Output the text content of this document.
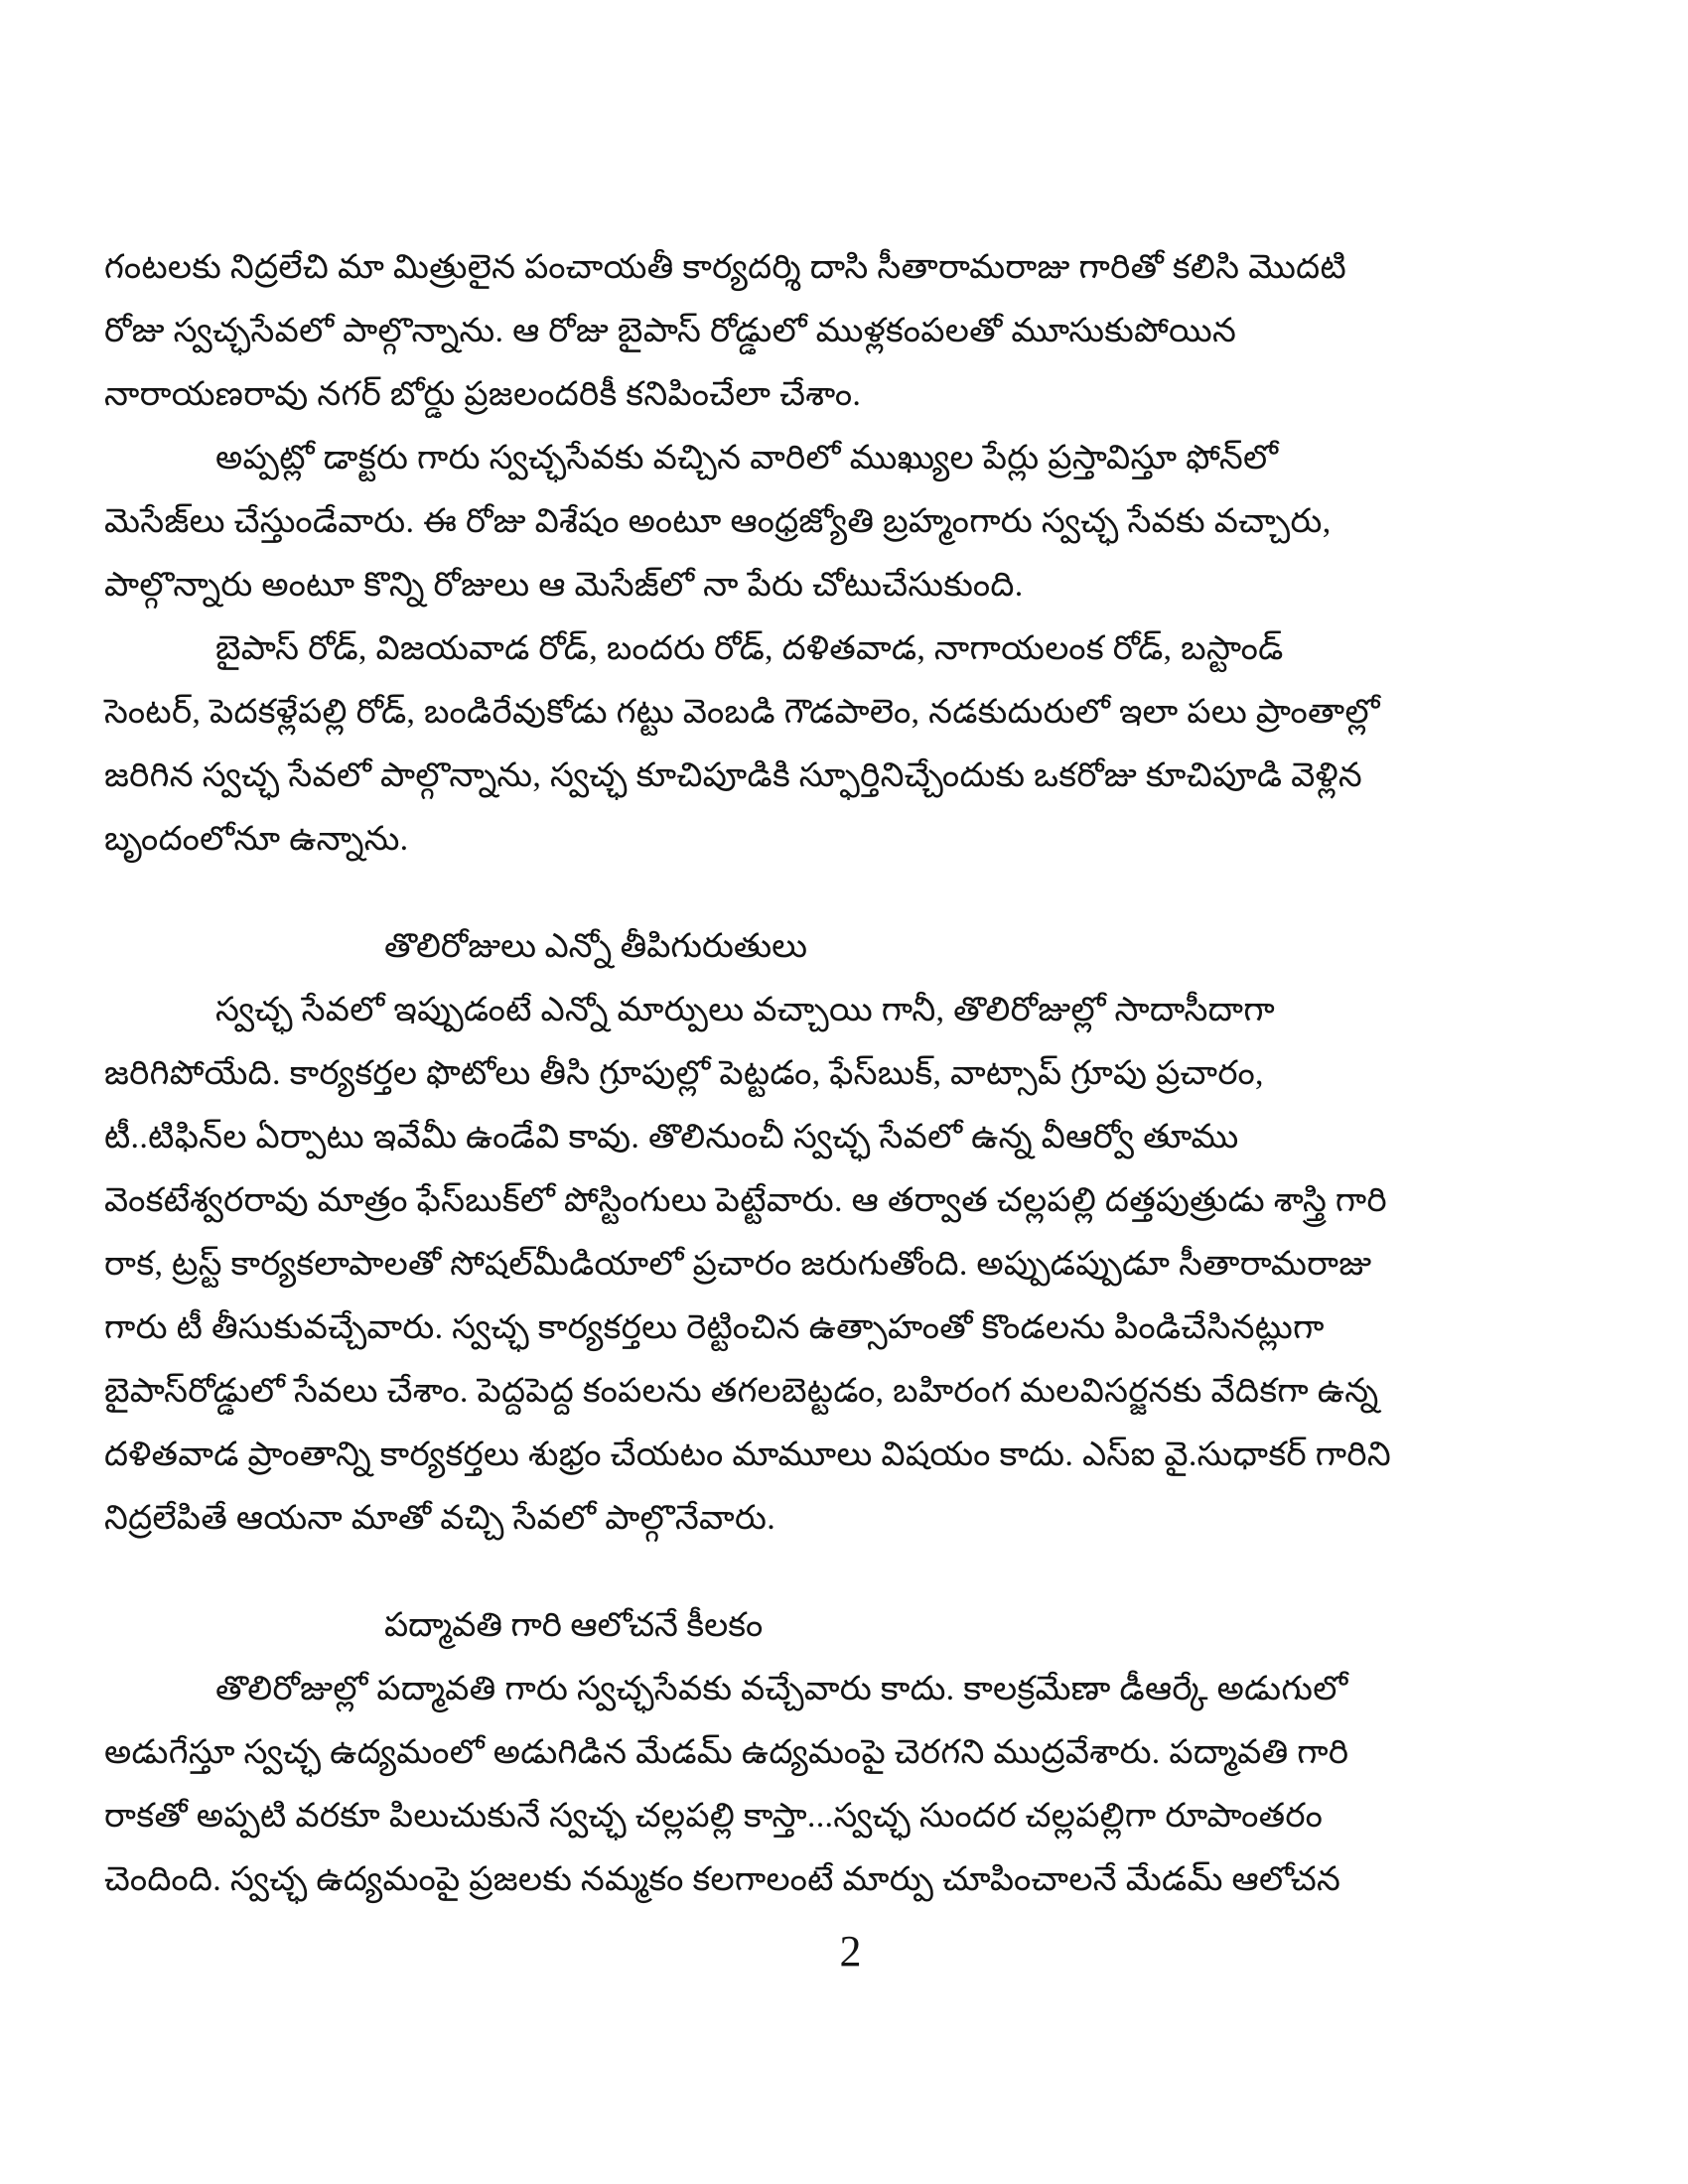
గంటలకు నిద్రలేచి మా మిత్రులైన పంచాయతీ కార్యదర్శి దాసి సీతారామరాజు గారితో కలిసి మొదటి
రోజు స్వచ్ఛసేవలో పాల్గొన్నాను. ఆ రోజు బైపాస్ రోడ్డులో ముళ్లకంపలతో మూసుకుపోయిన
నారాయణరావు నగర్ బోర్డు ప్రజలందరికీ కనిపించేలా చేశాం.
అప్పట్లో డాక్టరు గారు స్వచ్ఛసేవకు వచ్చిన వారిలో ముఖ్యుల పేర్లు ప్రస్తావిస్తూ ఫోన్‌లో
మెసేజ్‌లు చేస్తుండేవారు. ఈ రోజు విశేషం అంటూ ఆంధ్రజ్యోతి బ్రహ్మంగారు స్వచ్ఛ సేవకు వచ్చారు,
పాల్గొన్నారు అంటూ కొన్ని రోజులు ఆ మెసేజ్‌లో నా పేరు చోటుచేసుకుంది.
బైపాస్ రోడ్, విజయవాడ రోడ్, బందరు రోడ్, దళితవాడ, నాగాయలంక రోడ్, బస్టాండ్
సెంటర్, పెదకళ్లేపల్లి రోడ్, బండిరేవుకోడు గట్టు వెంబడి గౌడపాలెం, నడకుదురులో ఇలా పలు ప్రాంతాల్లో
జరిగిన స్వచ్ఛ సేవలో పాల్గొన్నాను, స్వచ్ఛ కూచిపూడికి స్ఫూర్తినిచ్చేందుకు ఒకరోజు కూచిపూడి వెళ్లిన
బృందంలోనూ ఉన్నాను.
తొలిరోజులు ఎన్నో తీపిగురుతులు
స్వచ్ఛ సేవలో ఇప్పుడంటే ఎన్నో మార్పులు వచ్చాయి గానీ, తొలిరోజుల్లో సాదాసీదాగా
జరిగిపోయేది. కార్యకర్తల ఫొటోలు తీసి గ్రూపుల్లో పెట్టడం, ఫేస్‌బుక్, వాట్సాప్ గ్రూపు ప్రచారం,
టీ..టిఫిన్‌ల ఏర్పాటు ఇవేమీ ఉండేవి కావు. తొలినుంచీ స్వచ్ఛ సేవలో ఉన్న వీఆర్వో తూము
వెంకటేశ్వరరావు మాత్రం ఫేస్‌బుక్‌లో పోస్టింగులు పెట్టేవారు. ఆ తర్వాత చల్లపల్లి దత్తపుత్రుడు శాస్త్రి గారి
రాక, ట్రస్ట్ కార్యకలాపాలతో సోషల్‌మీడియాలో ప్రచారం జరుగుతోంది. అప్పుడప్పుడూ సీతారామరాజు
గారు టీ తీసుకువచ్చేవారు. స్వచ్ఛ కార్యకర్తలు రెట్టించిన ఉత్సాహంతో కొండలను పిండిచేసినట్లుగా
బైపాస్‌రోడ్డులో సేవలు చేశాం. పెద్దపెద్ద కంపలను తగలబెట్టడం, బహిరంగ మలవిసర్జనకు వేదికగా ఉన్న
దళితవాడ ప్రాంతాన్ని కార్యకర్తలు శుభ్రం చేయటం మామూలు విషయం కాదు. ఎస్ఐ వై.సుధాకర్ గారిని
నిద్రలేపితే ఆయనా మాతో వచ్చి సేవలో పాల్గొనేవారు.
పద్మావతి గారి ఆలోచనే కీలకం
తొలిరోజుల్లో పద్మావతి గారు స్వచ్ఛసేవకు వచ్చేవారు కాదు. కాలక్రమేణా డీఆర్కే అడుగులో
అడుగేస్తూ స్వచ్ఛ ఉద్యమంలో అడుగిడిన మేడమ్ ఉద్యమంపై చెరగని ముద్రవేశారు. పద్మావతి గారి
రాకతో అప్పటి వరకూ పిలుచుకునే స్వచ్ఛ చల్లపల్లి కాస్తా...స్వచ్ఛ సుందర చల్లపల్లిగా రూపాంతరం
చెందింది. స్వచ్ఛ ఉద్యమంపై ప్రజలకు నమ్మకం కలగాలంటే మార్పు చూపించాలనే మేడమ్ ఆలోచన
2
